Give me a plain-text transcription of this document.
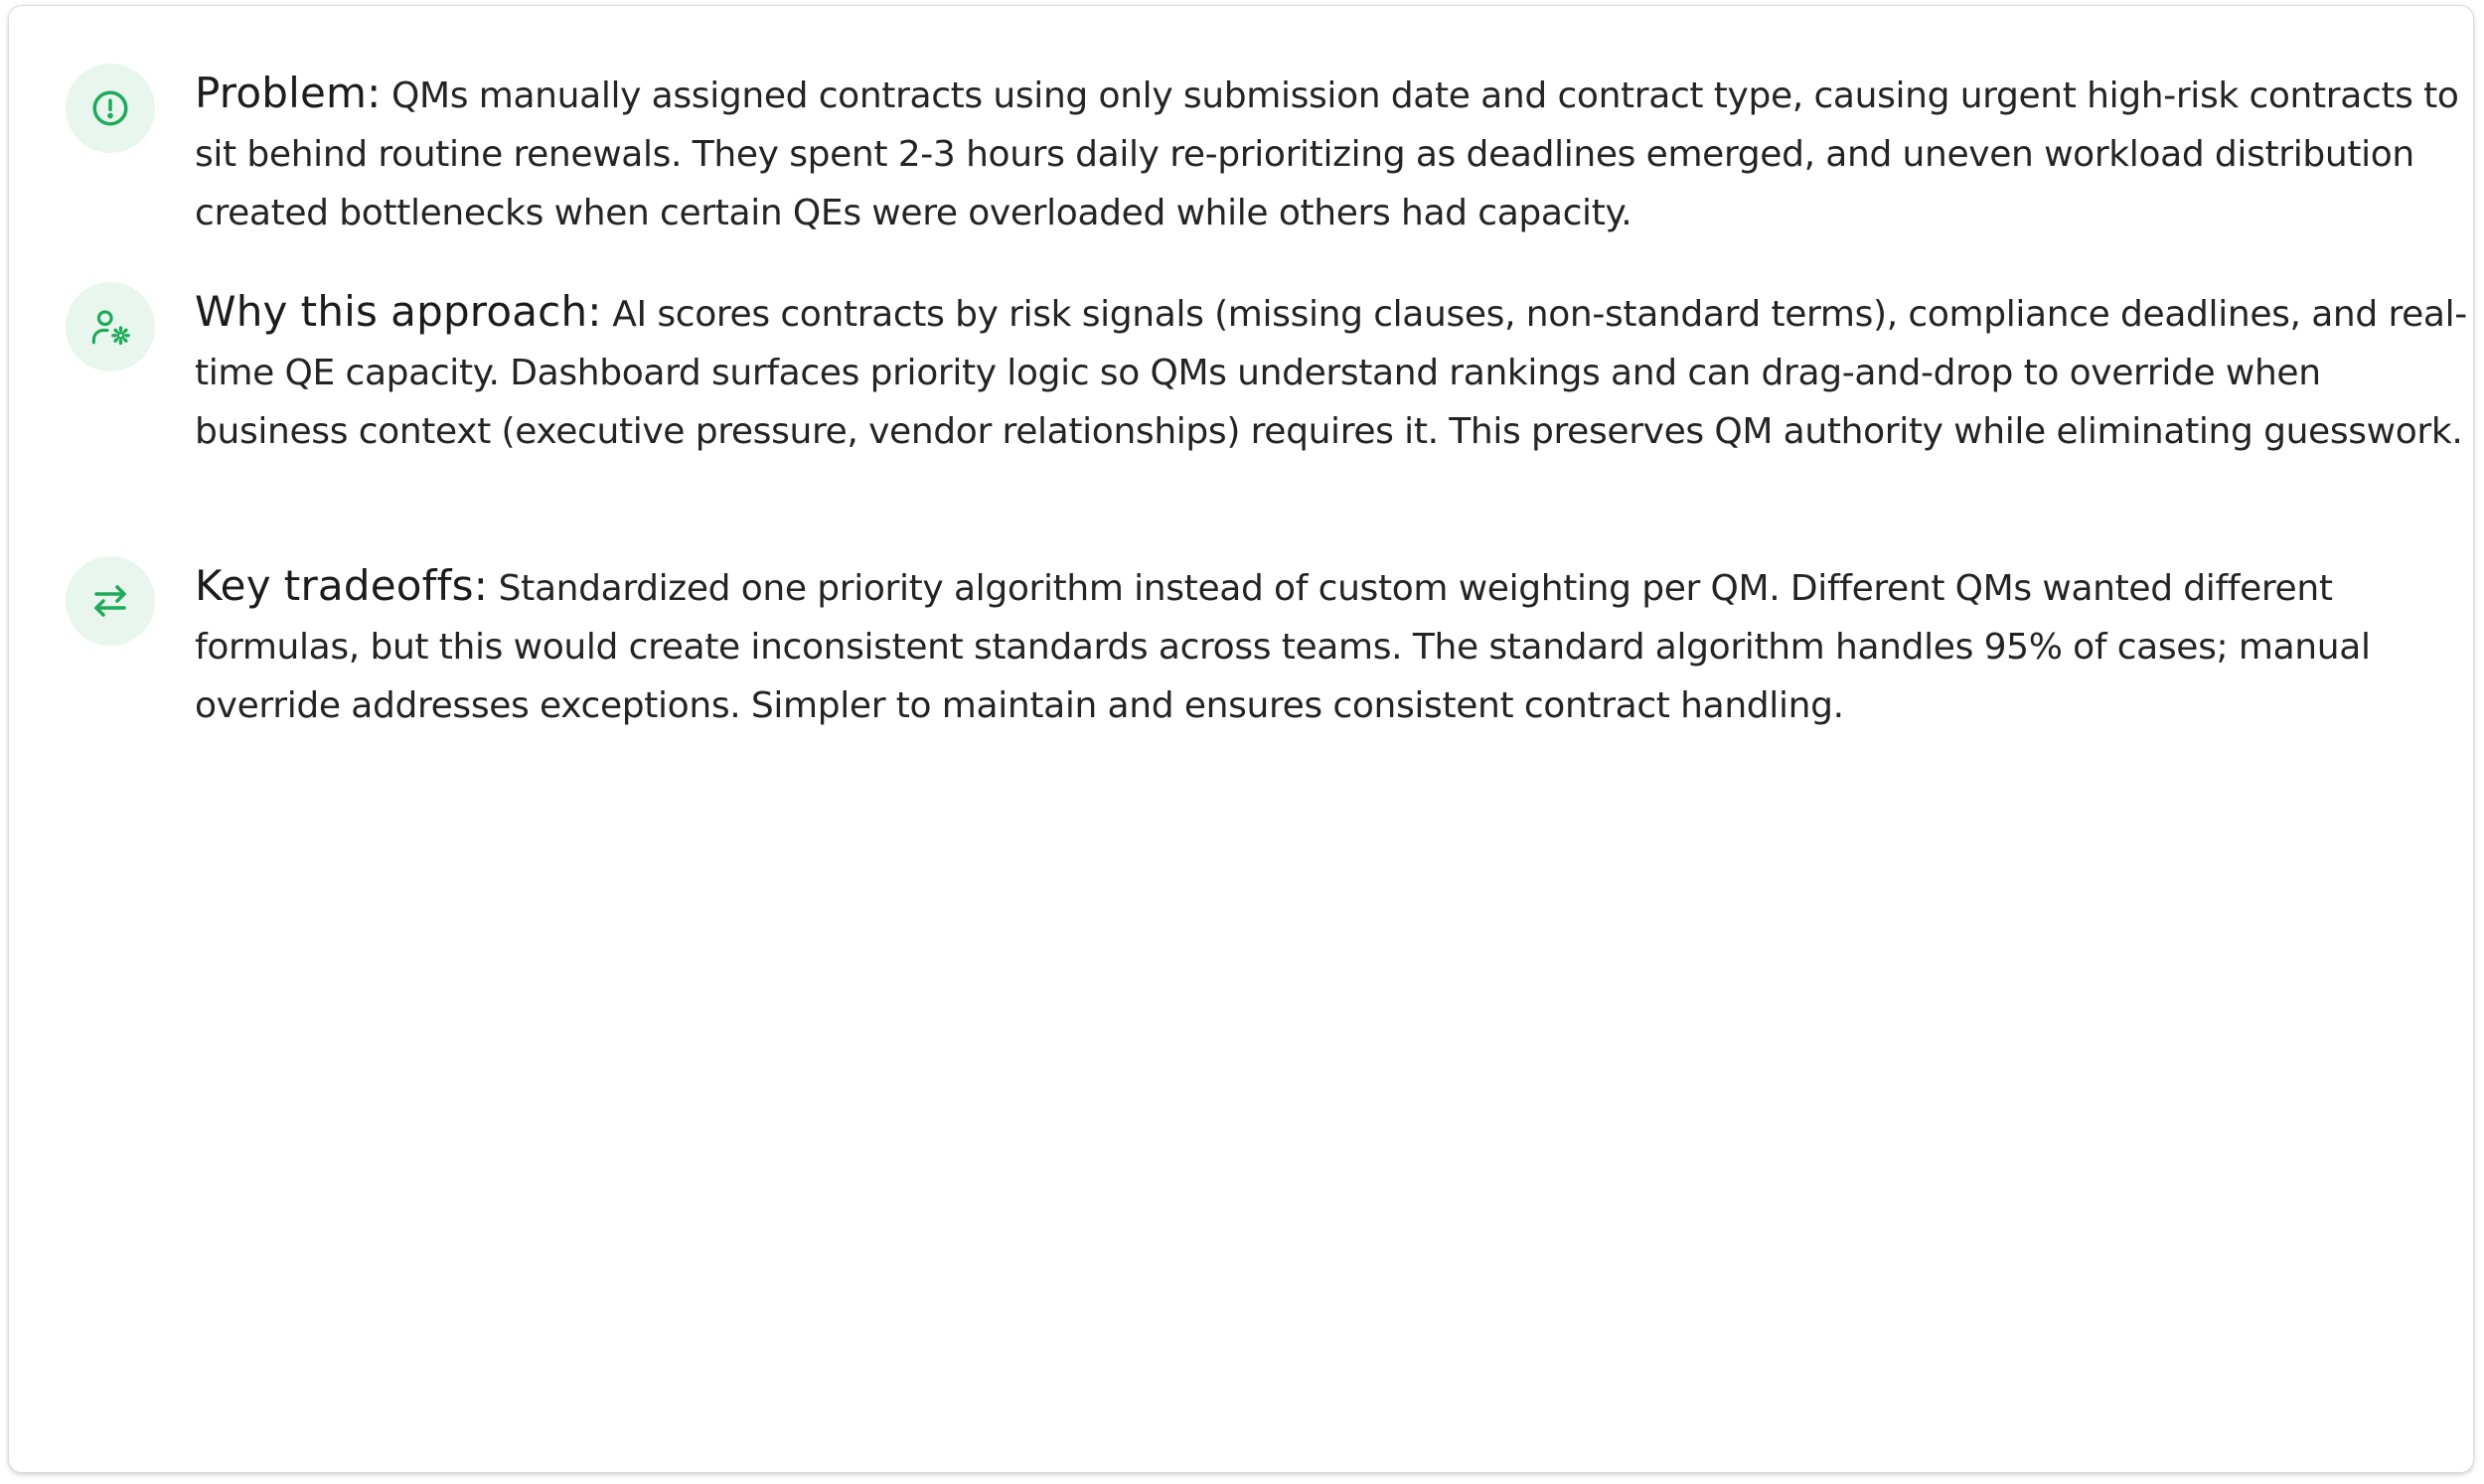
Problem: QMs manually assigned contracts using only submission date and contract type, causing urgent high-risk contracts to sit behind routine renewals. They spent 2-3 hours daily re-prioritizing as deadlines emerged, and uneven workload distribution created bottlenecks when certain QEs were overloaded while others had capacity.
Why this approach: AI scores contracts by risk signals (missing clauses, non-standard terms), compliance deadlines, and real-time QE capacity. Dashboard surfaces priority logic so QMs understand rankings and can drag-and-drop to override when business context (executive pressure, vendor relationships) requires it. This preserves QM authority while eliminating guesswork.
Key tradeoffs: Standardized one priority algorithm instead of custom weighting per QM. Different QMs wanted different formulas, but this would create inconsistent standards across teams. The standard algorithm handles 95% of cases; manual override addresses exceptions. Simpler to maintain and ensures consistent contract handling.
